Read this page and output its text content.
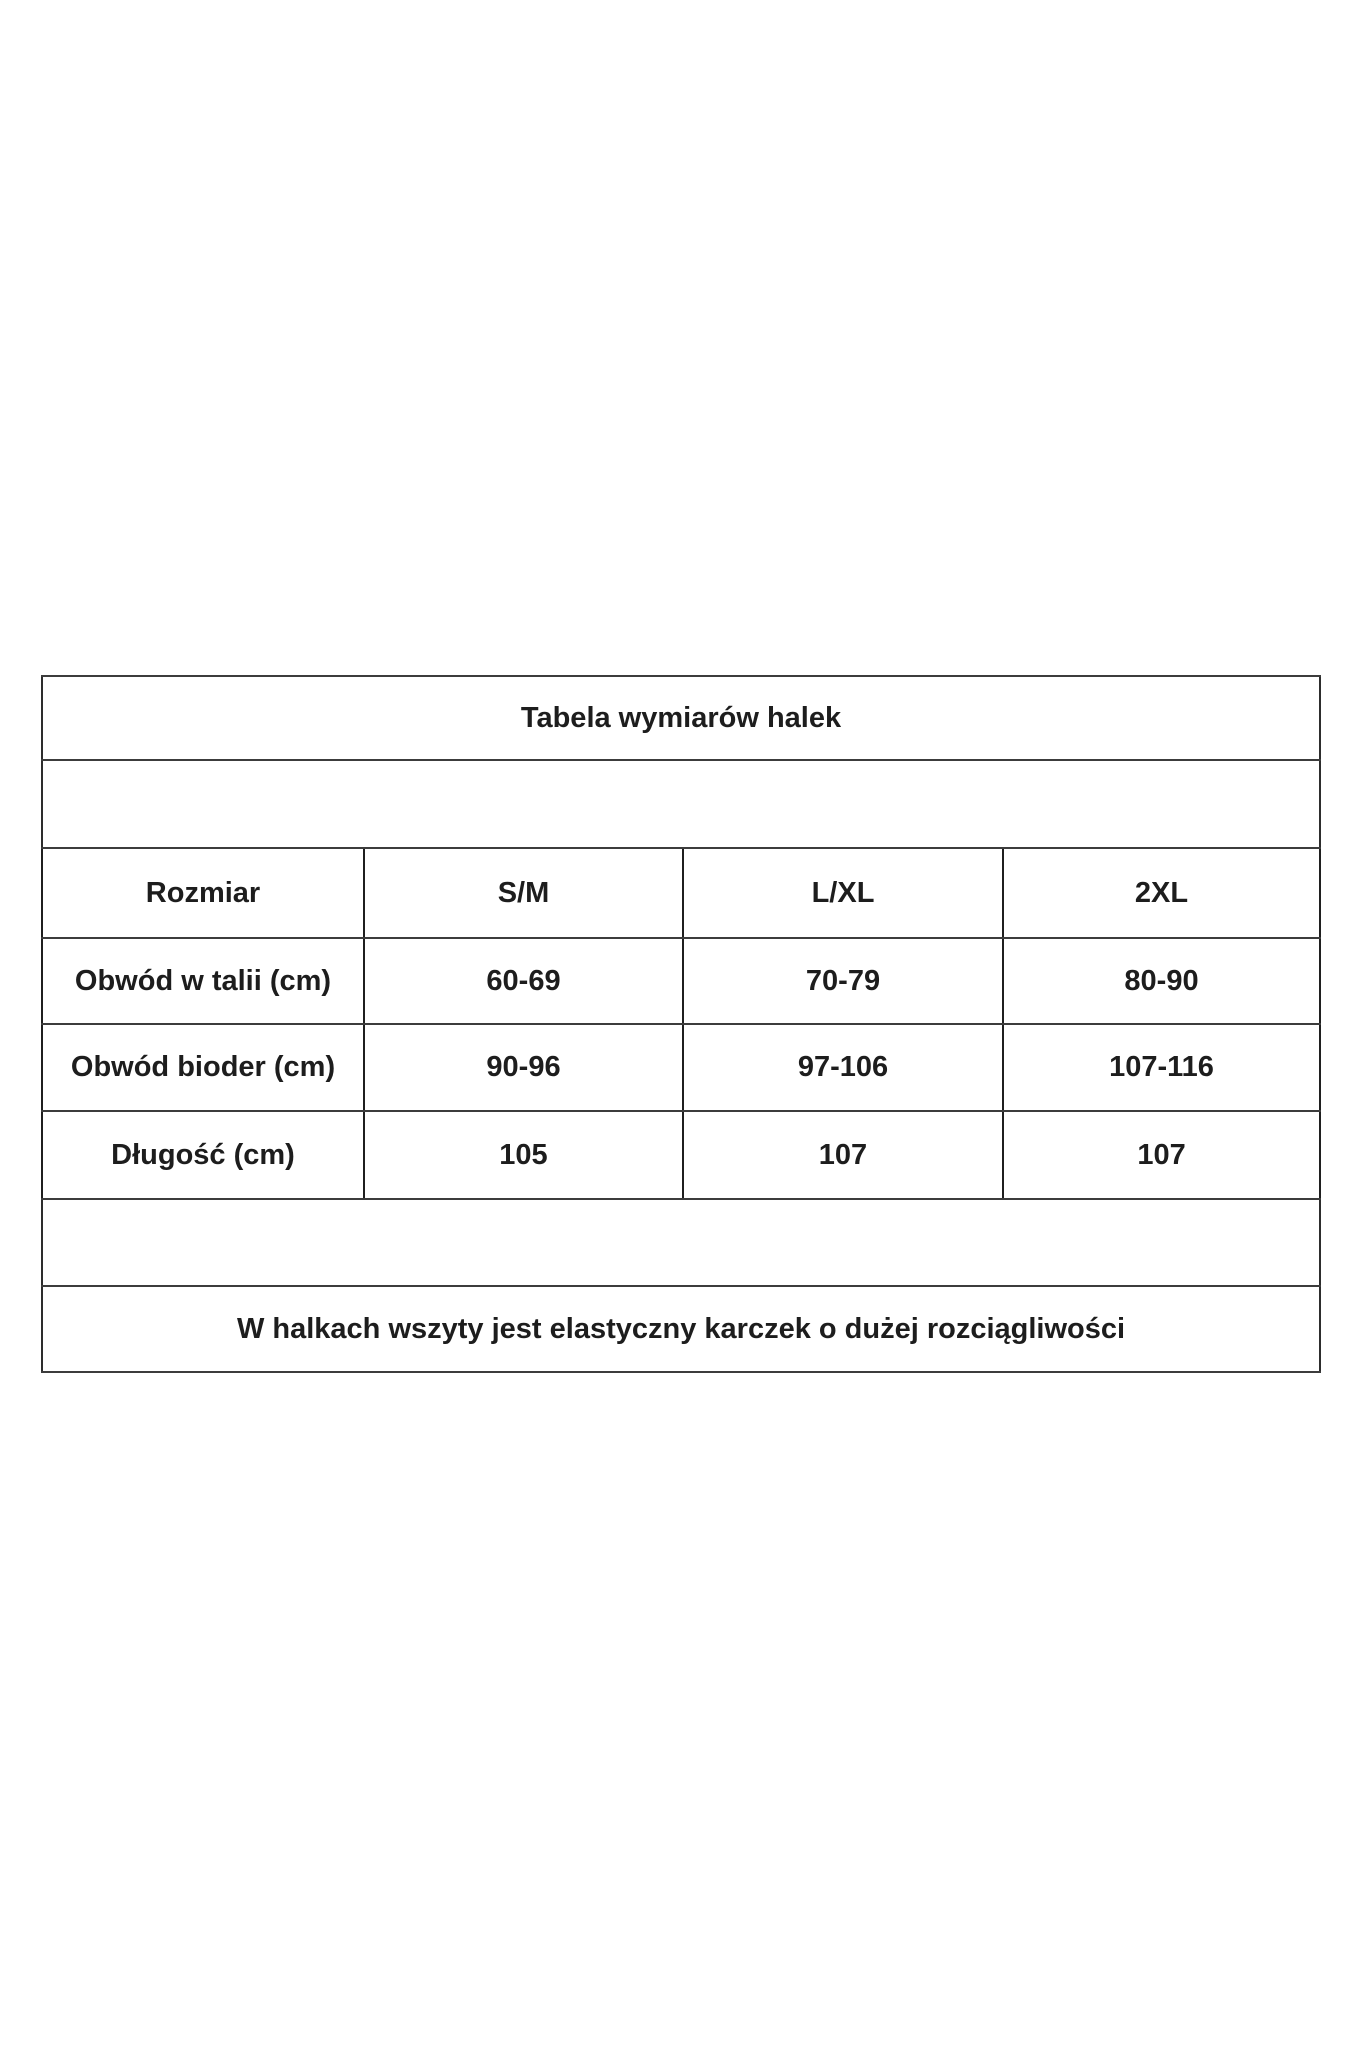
Tabela wymiarów halek			

Rozmiar	S/M	L/XL	2XL
Obwód w talii (cm)	60-69	70-79	80-90
Obwód bioder (cm)	90-96	97-106	107-116
Długość (cm)	105	107	107

W halkach wszyty jest elastyczny karczek o dużej rozciągliwości			
